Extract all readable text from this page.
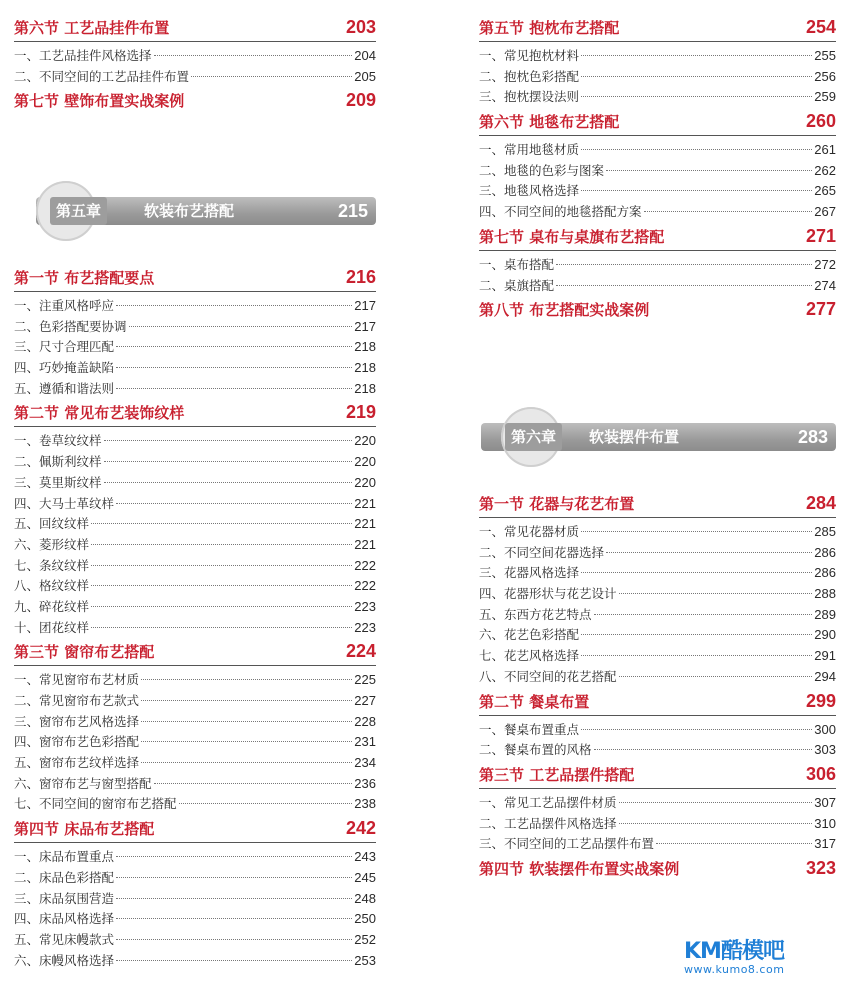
第六节 工艺品挂件布置	203
一、工艺品挂件风格选择	204
二、不同空间的工艺品挂件布置	205
第七节 壁饰布置实战案例	209
第五章	软装布艺搭配	215
第一节 布艺搭配要点	216
一、注重风格呼应	217
二、色彩搭配要协调	217
三、尺寸合理匹配	218
四、巧妙掩盖缺陷	218
五、遵循和谐法则	218
第二节 常见布艺装饰纹样	219
一、卷草纹纹样	220
二、佩斯利纹样	220
三、莫里斯纹样	220
四、大马士革纹样	221
五、回纹纹样	221
六、菱形纹样	221
七、条纹纹样	222
八、格纹纹样	222
九、碎花纹样	223
十、团花纹样	223
第三节 窗帘布艺搭配	224
一、常见窗帘布艺材质	225
二、常见窗帘布艺款式	227
三、窗帘布艺风格选择	228
四、窗帘布艺色彩搭配	231
五、窗帘布艺纹样选择	234
六、窗帘布艺与窗型搭配	236
七、不同空间的窗帘布艺搭配	238
第四节 床品布艺搭配	242
一、床品布置重点	243
二、床品色彩搭配	245
三、床品氛围营造	248
四、床品风格选择	250
五、常见床幔款式	252
六、床幔风格选择	253
第五节 抱枕布艺搭配	254
一、常见抱枕材料	255
二、抱枕色彩搭配	256
三、抱枕摆设法则	259
第六节 地毯布艺搭配	260
一、常用地毯材质	261
二、地毯的色彩与图案	262
三、地毯风格选择	265
四、不同空间的地毯搭配方案	267
第七节 桌布与桌旗布艺搭配	271
一、桌布搭配	272
二、桌旗搭配	274
第八节 布艺搭配实战案例	277
第六章	软装摆件布置	283
第一节 花器与花艺布置	284
一、常见花器材质	285
二、不同空间花器选择	286
三、花器风格选择	286
四、花器形状与花艺设计	288
五、东西方花艺特点	289
六、花艺色彩搭配	290
七、花艺风格选择	291
八、不同空间的花艺搭配	294
第二节 餐桌布置	299
一、餐桌布置重点	300
二、餐桌布置的风格	303
第三节 工艺品摆件搭配	306
一、常见工艺品摆件材质	307
二、工艺品摆件风格选择	310
三、不同空间的工艺品摆件布置	317
第四节 软装摆件布置实战案例	323
KM酷模吧
www.kumo8.com
